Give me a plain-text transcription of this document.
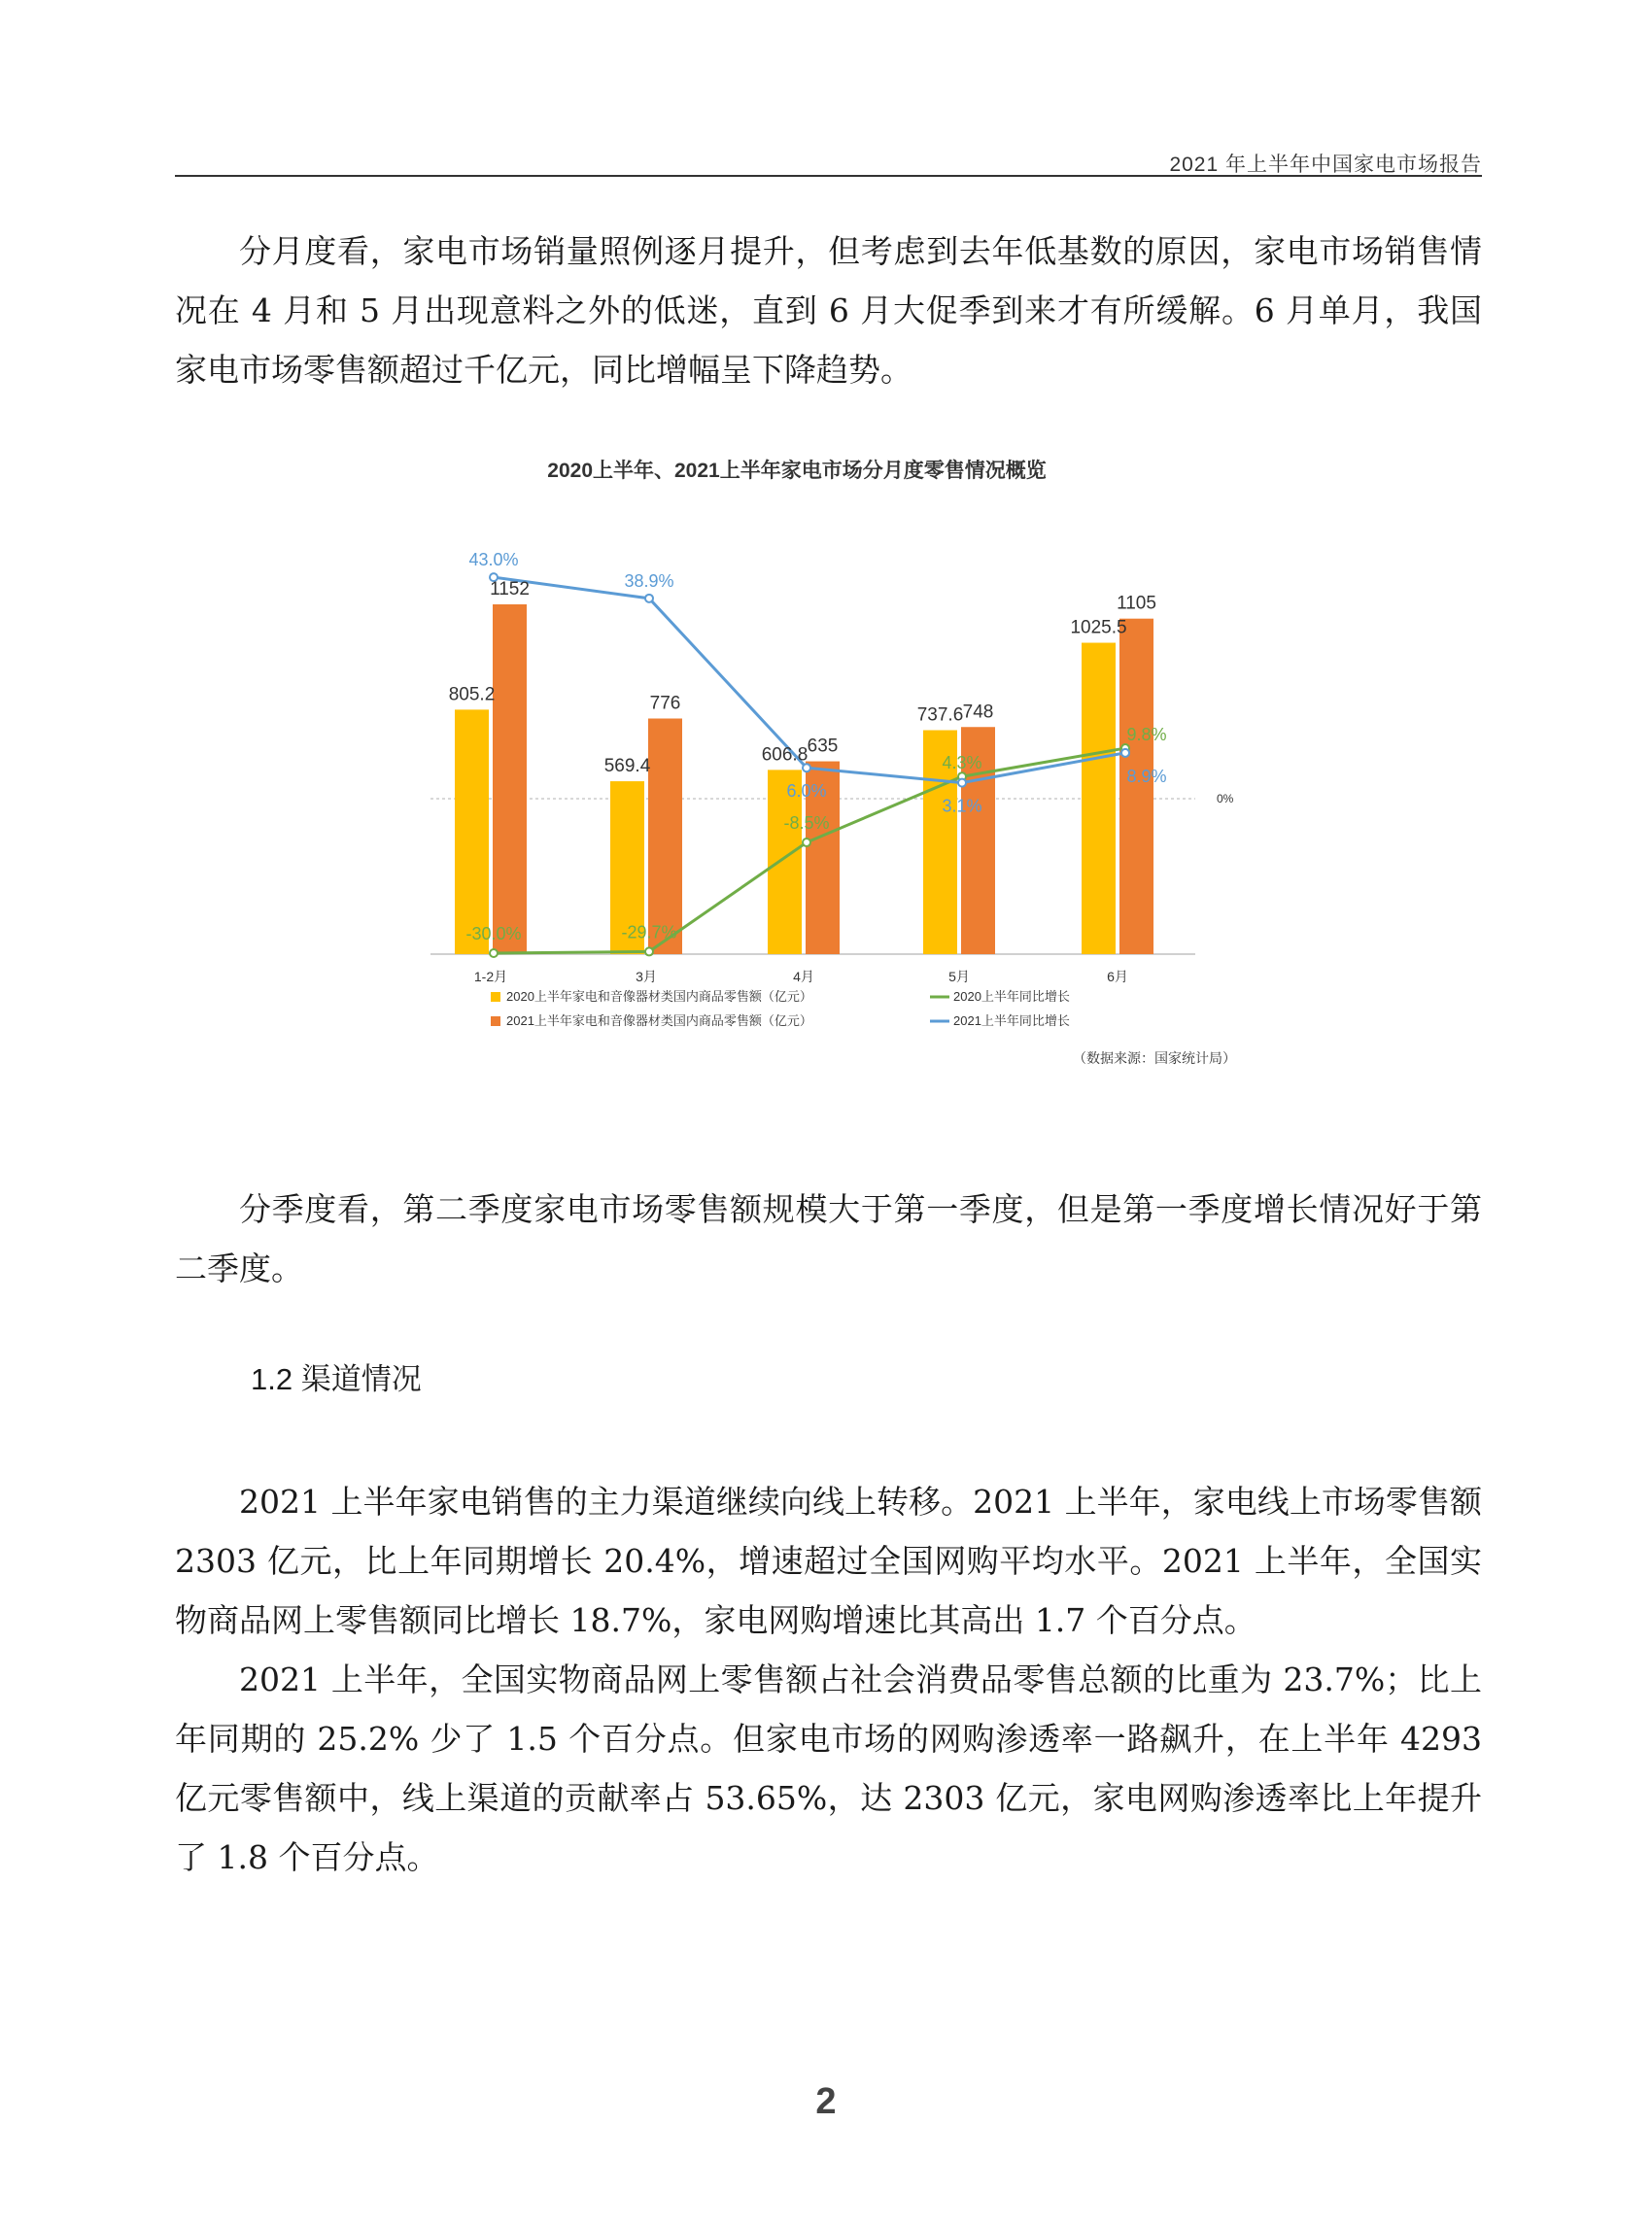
2021 年上半年中国家电市场报告

分月度看，家电市场销量照例逐月提升，但考虑到去年低基数的原因，家电市场销售情况在 4 月和 5 月出现意料之外的低迷，直到 6 月大促季到来才有所缓解。6 月单月，我国家电市场零售额超过千亿元，同比增幅呈下降趋势。

2020上半年、2021上半年家电市场分月度零售情况概览
0%
805.2
569.4
606.8
737.6
1025.5
1152
776
635
748
1105
-30.0%	-29.7%
-8.5%
4.3%
9.8%
43.0%
38.9%
6.0%
3.1%
8.9%
1-2月	3月	4月	5月	6月
2020上半年家电和音像器材类国内商品零售额（亿元）
2021上半年家电和音像器材类国内商品零售额（亿元）
2020上半年同比增长
2021上半年同比增长
（数据来源：国家统计局）

分季度看，第二季度家电市场零售额规模大于第一季度，但是第一季度增长情况好于第二季度。

1.2 渠道情况

2021 上半年家电销售的主力渠道继续向线上转移。2021 上半年，家电线上市场零售额 2303 亿元，比上年同期增长 20.4%，增速超过全国网购平均水平。2021 上半年，全国实物商品网上零售额同比增长 18.7%，家电网购增速比其高出 1.7 个百分点。

2021 上半年，全国实物商品网上零售额占社会消费品零售总额的比重为 23.7%；比上年同期的 25.2% 少了 1.5 个百分点。但家电市场的网购渗透率一路飙升，在上半年 4293 亿元零售额中，线上渠道的贡献率占 53.65%，达 2303 亿元，家电网购渗透率比上年提升了 1.8 个百分点。

2
